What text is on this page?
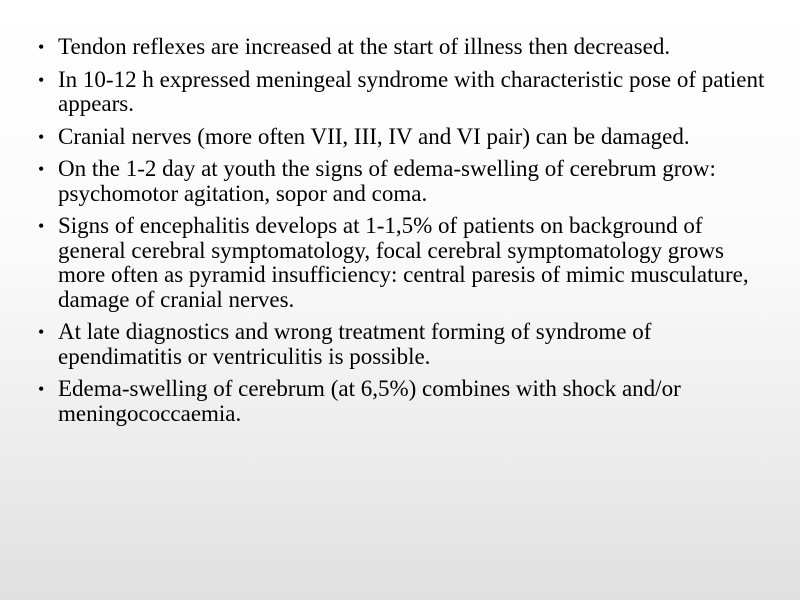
• Tendon reflexes are increased at the start of illness then decreased.
• In 10-12 h expressed meningeal syndrome with characteristic pose of patient appears.
• Cranial nerves (more often VII, III, IV and VI pair) can be damaged.
• On the 1-2 day at youth the signs of edema-swelling of cerebrum grow: psychomotor agitation, sopor and coma.
• Signs of encephalitis develops at 1-1,5% of patients on background of general cerebral symptomatology, focal cerebral symptomatology grows more often as pyramid insufficiency: central paresis of mimic musculature, damage of cranial nerves.
• At late diagnostics and wrong treatment forming of syndrome of ependimatitis or ventriculitis is possible.
• Edema-swelling of cerebrum (at 6,5%) combines with shock and/or meningococcaemia.
